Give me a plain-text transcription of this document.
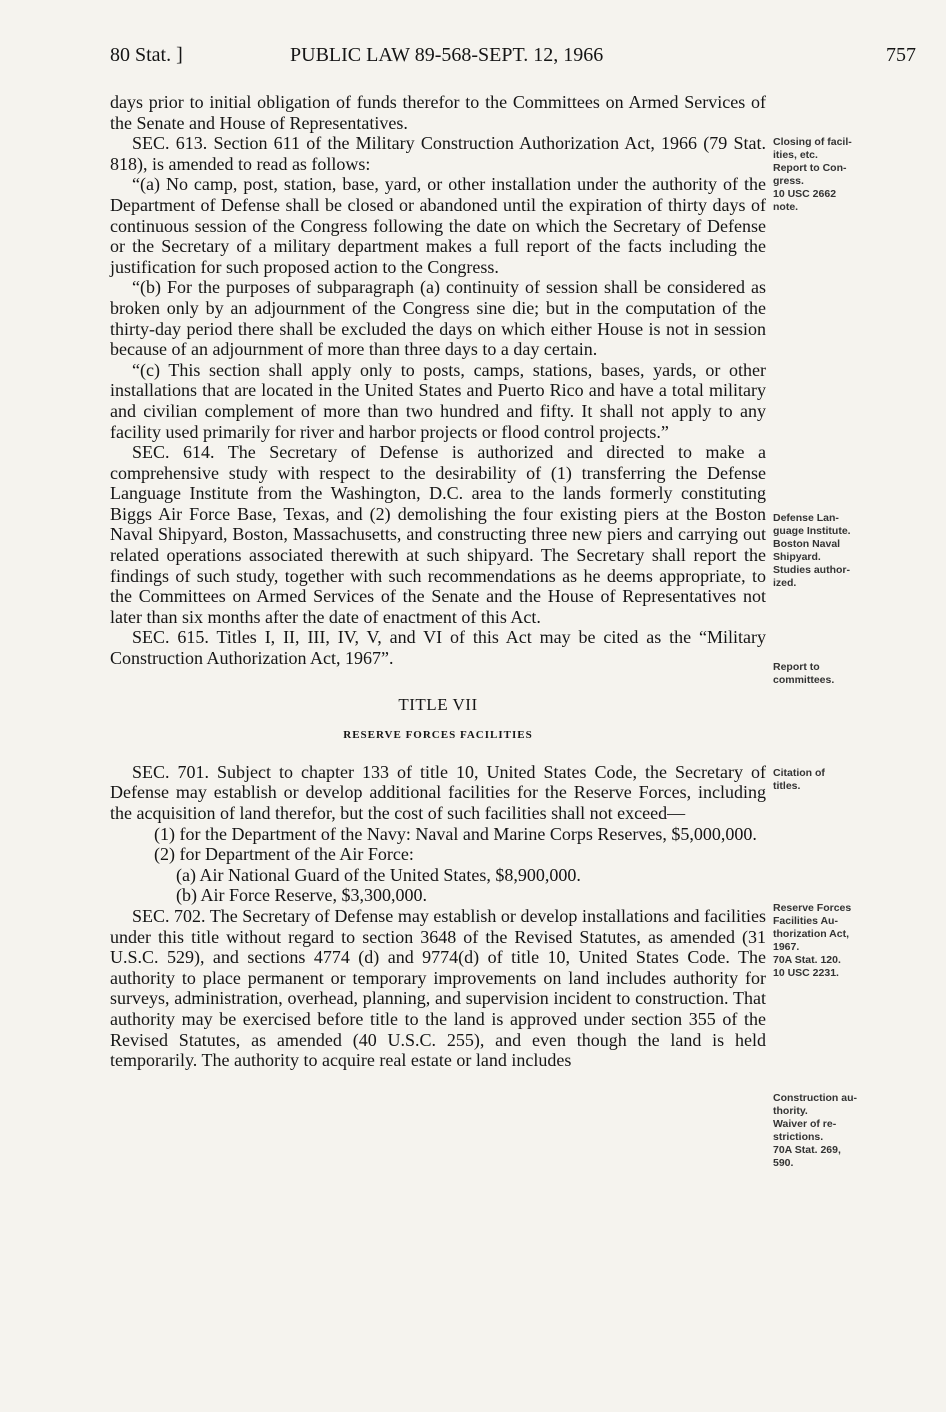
80 Stat. ]	PUBLIC LAW 89-568-SEPT. 12, 1966	757

days prior to initial obligation of funds therefor to the Committees on Armed Services of the Senate and House of Representatives.

SEC. 613. Section 611 of the Military Construction Authorization Act, 1966 (79 Stat. 818), is amended to read as follows:

“(a) No camp, post, station, base, yard, or other installation under the authority of the Department of Defense shall be closed or abandoned until the expiration of thirty days of continuous session of the Congress following the date on which the Secretary of Defense or the Secretary of a military department makes a full report of the facts including the justification for such proposed action to the Congress.

“(b) For the purposes of subparagraph (a) continuity of session shall be considered as broken only by an adjournment of the Congress sine die; but in the computation of the thirty-day period there shall be excluded the days on which either House is not in session because of an adjournment of more than three days to a day certain.

“(c) This section shall apply only to posts, camps, stations, bases, yards, or other installations that are located in the United States and Puerto Rico and have a total military and civilian complement of more than two hundred and fifty. It shall not apply to any facility used primarily for river and harbor projects or flood control projects.”

SEC. 614. The Secretary of Defense is authorized and directed to make a comprehensive study with respect to the desirability of (1) transferring the Defense Language Institute from the Washington, D.C. area to the lands formerly constituting Biggs Air Force Base, Texas, and (2) demolishing the four existing piers at the Boston Naval Shipyard, Boston, Massachusetts, and constructing three new piers and carrying out related operations associated therewith at such shipyard. The Secretary shall report the findings of such study, together with such recommendations as he deems appropriate, to the Committees on Armed Services of the Senate and the House of Representatives not later than six months after the date of enactment of this Act.

SEC. 615. Titles I, II, III, IV, V, and VI of this Act may be cited as the “Military Construction Authorization Act, 1967”.

TITLE VII

RESERVE FORCES FACILITIES

SEC. 701. Subject to chapter 133 of title 10, United States Code, the Secretary of Defense may establish or develop additional facilities for the Reserve Forces, including the acquisition of land therefor, but the cost of such facilities shall not exceed—

(1) for the Department of the Navy: Naval and Marine Corps Reserves, $5,000,000.

(2) for Department of the Air Force:

(a) Air National Guard of the United States, $8,900,000.

(b) Air Force Reserve, $3,300,000.

SEC. 702. The Secretary of Defense may establish or develop installations and facilities under this title without regard to section 3648 of the Revised Statutes, as amended (31 U.S.C. 529), and sections 4774 (d) and 9774(d) of title 10, United States Code. The authority to place permanent or temporary improvements on land includes authority for surveys, administration, overhead, planning, and supervision incident to construction. That authority may be exercised before title to the land is approved under section 355 of the Revised Statutes, as amended (40 U.S.C. 255), and even though the land is held temporarily. The authority to acquire real estate or land includes

Closing of facil-
ities, etc.
Report to Con-
gress.
10 USC 2662
note.
Defense Lan-
guage Institute.
Boston Naval
Shipyard.
Studies author-
ized.
Report to
committees.
Citation of
titles.
Reserve Forces
Facilities Au-
thorization Act,
1967.
70A Stat. 120.
10 USC 2231.
Construction au-
thority.
Waiver of re-
strictions.
70A Stat. 269,
590.
